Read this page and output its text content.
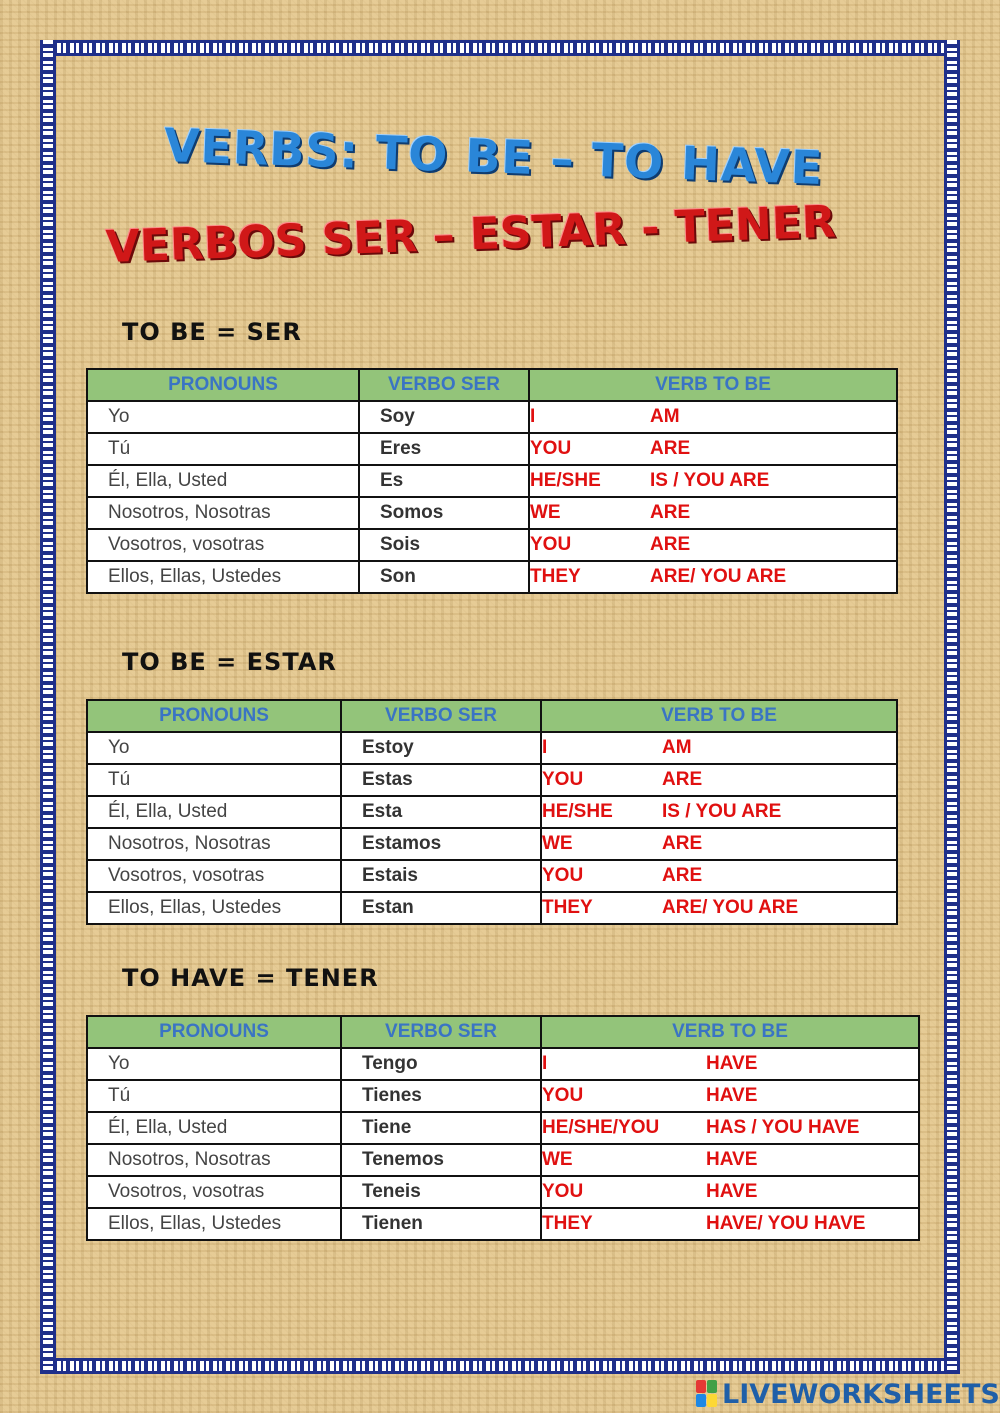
VERBS: TO BE – TO HAVE
VERBOS SER – ESTAR - TENER
TO BE = SER
PRONOUNS	VERBO SER	VERB TO BE
Yo	Soy	I AM
Tú	Eres	YOU ARE
Él, Ella, Usted	Es	HE/SHE IS / YOU ARE
Nosotros, Nosotras	Somos	WE ARE
Vosotros, vosotras	Sois	YOU ARE
Ellos, Ellas, Ustedes	Son	THEY ARE/ YOU ARE
TO BE = ESTAR
PRONOUNS	VERBO SER	VERB TO BE
Yo	Estoy	I AM
Tú	Estas	YOU ARE
Él, Ella, Usted	Esta	HE/SHE IS / YOU ARE
Nosotros, Nosotras	Estamos	WE ARE
Vosotros, vosotras	Estais	YOU ARE
Ellos, Ellas, Ustedes	Estan	THEY ARE/ YOU ARE
TO HAVE = TENER
PRONOUNS	VERBO SER	VERB TO BE
Yo	Tengo	I HAVE
Tú	Tienes	YOU HAVE
Él, Ella, Usted	Tiene	HE/SHE/YOU HAS / YOU HAVE
Nosotros, Nosotras	Tenemos	WE HAVE
Vosotros, vosotras	Teneis	YOU HAVE
Ellos, Ellas, Ustedes	Tienen	THEY HAVE/ YOU HAVE
LIVEWORKSHEETS
